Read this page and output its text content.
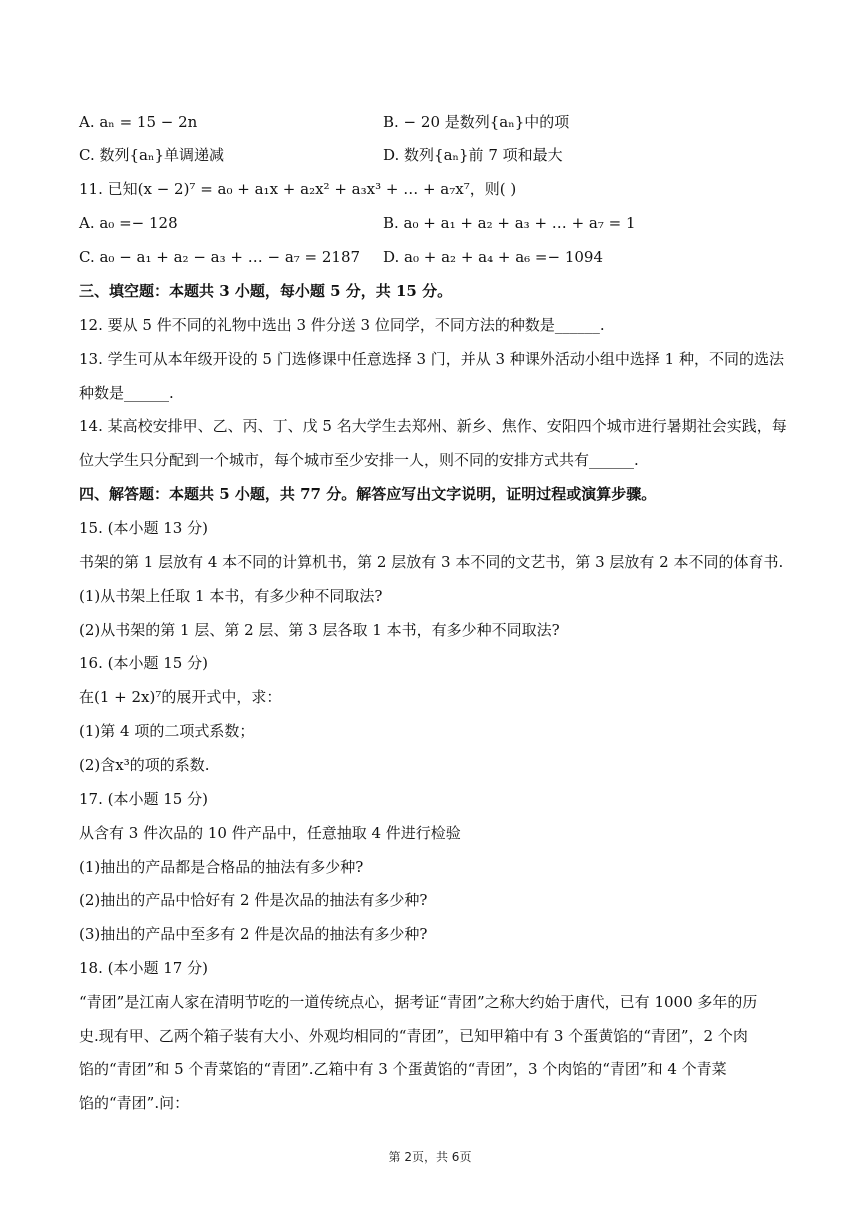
A. aₙ = 15 − 2n	B. − 20 是数列{aₙ}中的项
C. 数列{aₙ}单调递减	D. 数列{aₙ}前 7 项和最大
11. 已知(x − 2)⁷ = a₀ + a₁x + a₂x² + a₃x³ + … + a₇x⁷，则( )
A. a₀ =− 128	B. a₀ + a₁ + a₂ + a₃ + … + a₇ = 1
C. a₀ − a₁ + a₂ − a₃ + … − a₇ = 2187 D. a₀ + a₂ + a₄ + a₆ =− 1094
三、填空题：本题共 3 小题，每小题 5 分，共 15 分。
12. 要从 5 件不同的礼物中选出 3 件分送 3 位同学，不同方法的种数是______.
13. 学生可从本年级开设的 5 门选修课中任意选择 3 门，并从 3 种课外活动小组中选择 1 种，不同的选法
种数是______.
14. 某高校安排甲、乙、丙、丁、戊 5 名大学生去郑州、新乡、焦作、安阳四个城市进行暑期社会实践，每
位大学生只分配到一个城市，每个城市至少安排一人，则不同的安排方式共有______.
四、解答题：本题共 5 小题，共 77 分。解答应写出文字说明，证明过程或演算步骤。
15. (本小题 13 分)
书架的第 1 层放有 4 本不同的计算机书，第 2 层放有 3 本不同的文艺书，第 3 层放有 2 本不同的体育书.
(1)从书架上任取 1 本书，有多少种不同取法?
(2)从书架的第 1 层、第 2 层、第 3 层各取 1 本书，有多少种不同取法?
16. (本小题 15 分)
在(1 + 2x)⁷的展开式中，求：
(1)第 4 项的二项式系数；
(2)含x³的项的系数.
17. (本小题 15 分)
从含有 3 件次品的 10 件产品中，任意抽取 4 件进行检验
(1)抽出的产品都是合格品的抽法有多少种?
(2)抽出的产品中恰好有 2 件是次品的抽法有多少种?
(3)抽出的产品中至多有 2 件是次品的抽法有多少种?
18. (本小题 17 分)
“青团”是江南人家在清明节吃的一道传统点心，据考证“青团”之称大约始于唐代，已有 1000 多年的历
史.现有甲、乙两个箱子装有大小、外观均相同的“青团”，已知甲箱中有 3 个蛋黄馅的“青团”，2 个肉
馅的“青团”和 5 个青菜馅的“青团”.乙箱中有 3 个蛋黄馅的“青团”，3 个肉馅的“青团”和 4 个青菜
馅的“青团”.问：
第 2页，共 6页
